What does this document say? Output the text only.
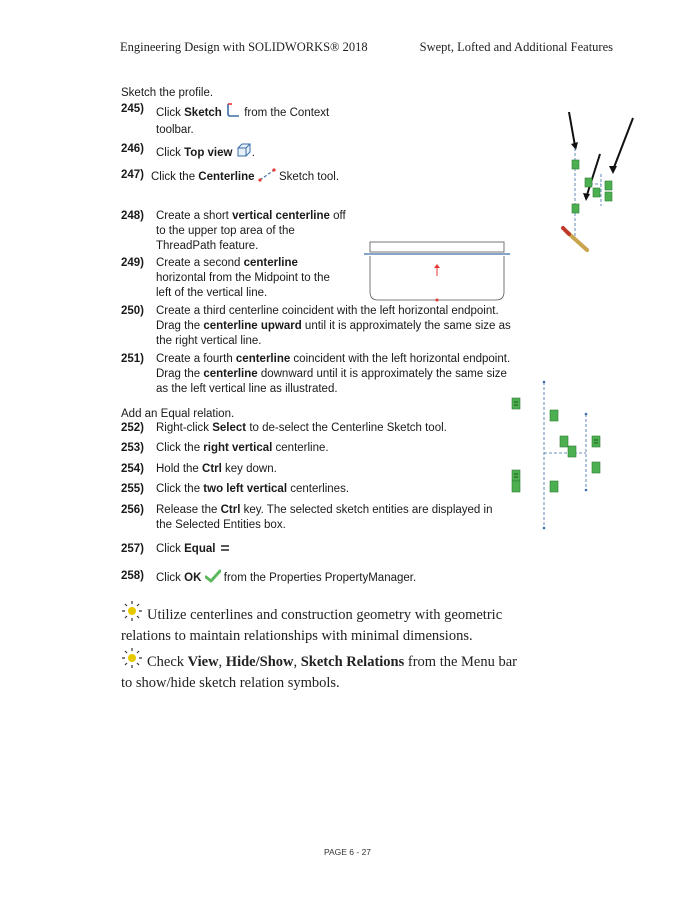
Engineering Design with SOLIDWORKS® 2018	Swept, Lofted and Additional Features
Sketch the profile.
245) Click Sketch  from the Context toolbar.
246) Click Top view .
247) Click the Centerline  Sketch tool.
248) Create a short vertical centerline off to the upper top area of the ThreadPath feature.
249) Create a second centerline horizontal from the Midpoint to the left of the vertical line.
250) Create a third centerline coincident with the left horizontal endpoint. Drag the centerline upward until it is approximately the same size as the right vertical line.
251) Create a fourth centerline coincident with the left horizontal endpoint. Drag the centerline downward until it is approximately the same size as the left vertical line as illustrated.
Add an Equal relation.
252) Right-click Select to de-select the Centerline Sketch tool.
253) Click the right vertical centerline.
254) Hold the Ctrl key down.
255) Click the two left vertical centerlines.
256) Release the Ctrl key. The selected sketch entities are displayed in the Selected Entities box.
257) Click Equal
258) Click OK  from the Properties PropertyManager.
Utilize centerlines and construction geometry with geometric relations to maintain relationships with minimal dimensions.
Check View, Hide/Show, Sketch Relations from the Menu bar to show/hide sketch relation symbols.
PAGE 6 - 27
